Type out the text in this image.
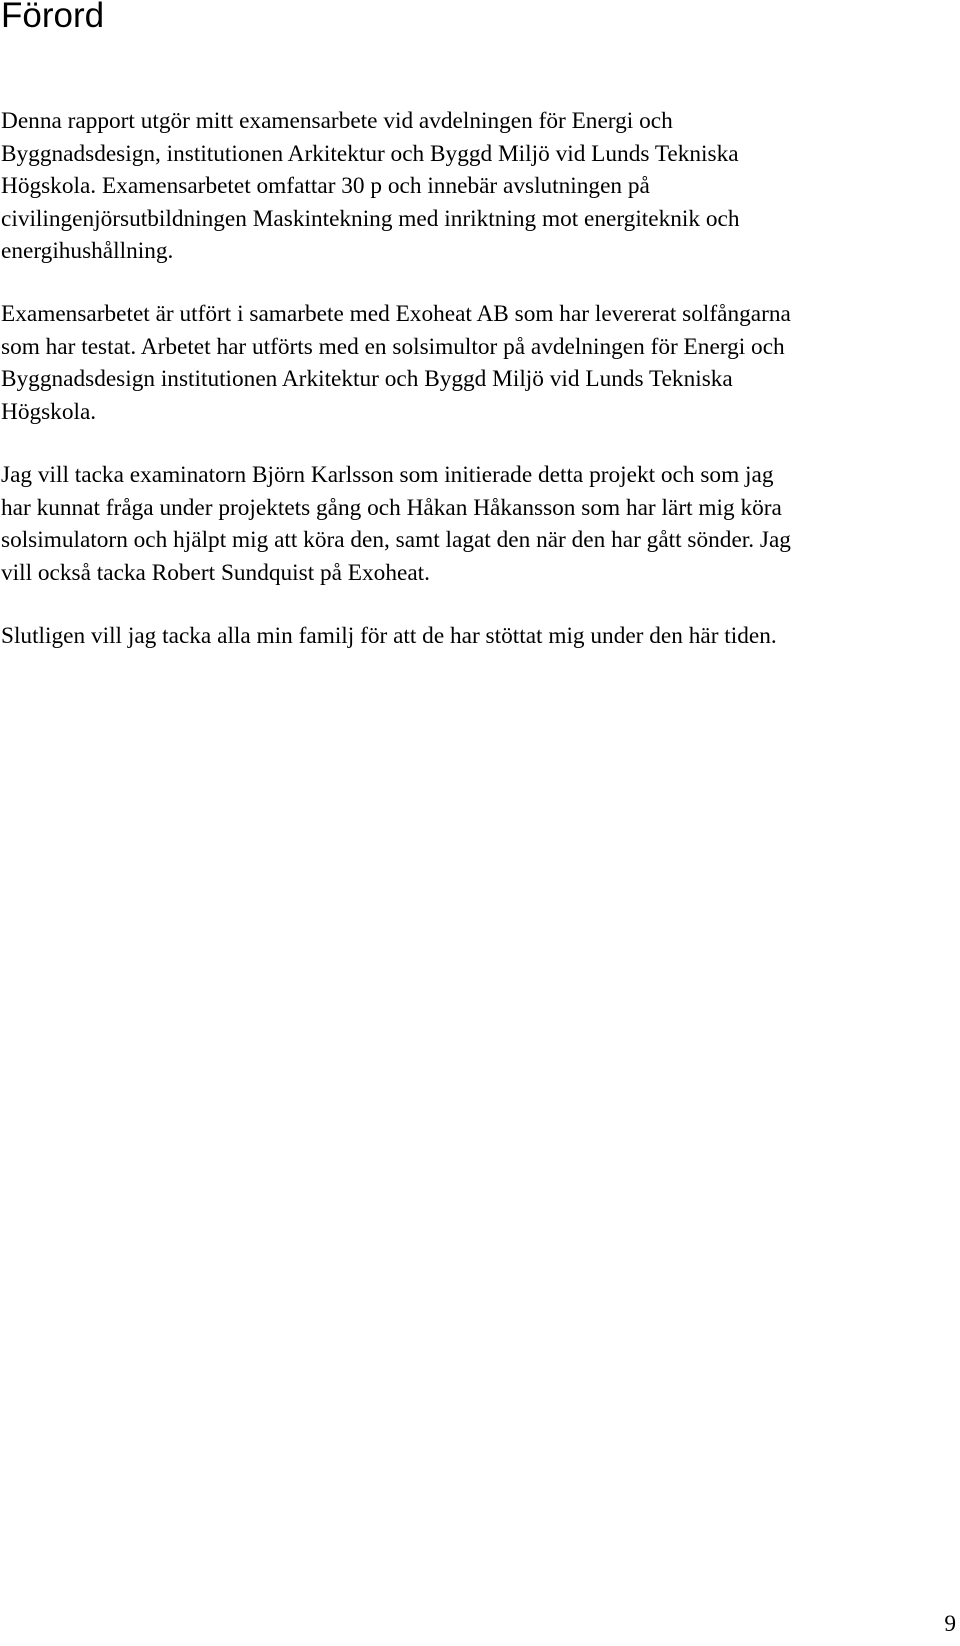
Förord

Denna rapport utgör mitt examensarbete vid avdelningen för Energi och
Byggnadsdesign, institutionen Arkitektur och Byggd Miljö vid Lunds Tekniska
Högskola. Examensarbetet omfattar 30 p och innebär avslutningen på
civilingenjörsutbildningen Maskintekning med inriktning mot energiteknik och
energihushållning.

Examensarbetet är utfört i samarbete med Exoheat AB som har levererat solfångarna
som har testat. Arbetet har utförts med en solsimultor på avdelningen för Energi och
Byggnadsdesign institutionen Arkitektur och Byggd Miljö vid Lunds Tekniska
Högskola.

Jag vill tacka examinatorn Björn Karlsson som initierade detta projekt och som jag
har kunnat fråga under projektets gång och Håkan Håkansson som har lärt mig köra
solsimulatorn och hjälpt mig att köra den, samt lagat den när den har gått sönder. Jag
vill också tacka Robert Sundquist på Exoheat.

Slutligen vill jag tacka alla min familj för att de har stöttat mig under den här tiden.

9
